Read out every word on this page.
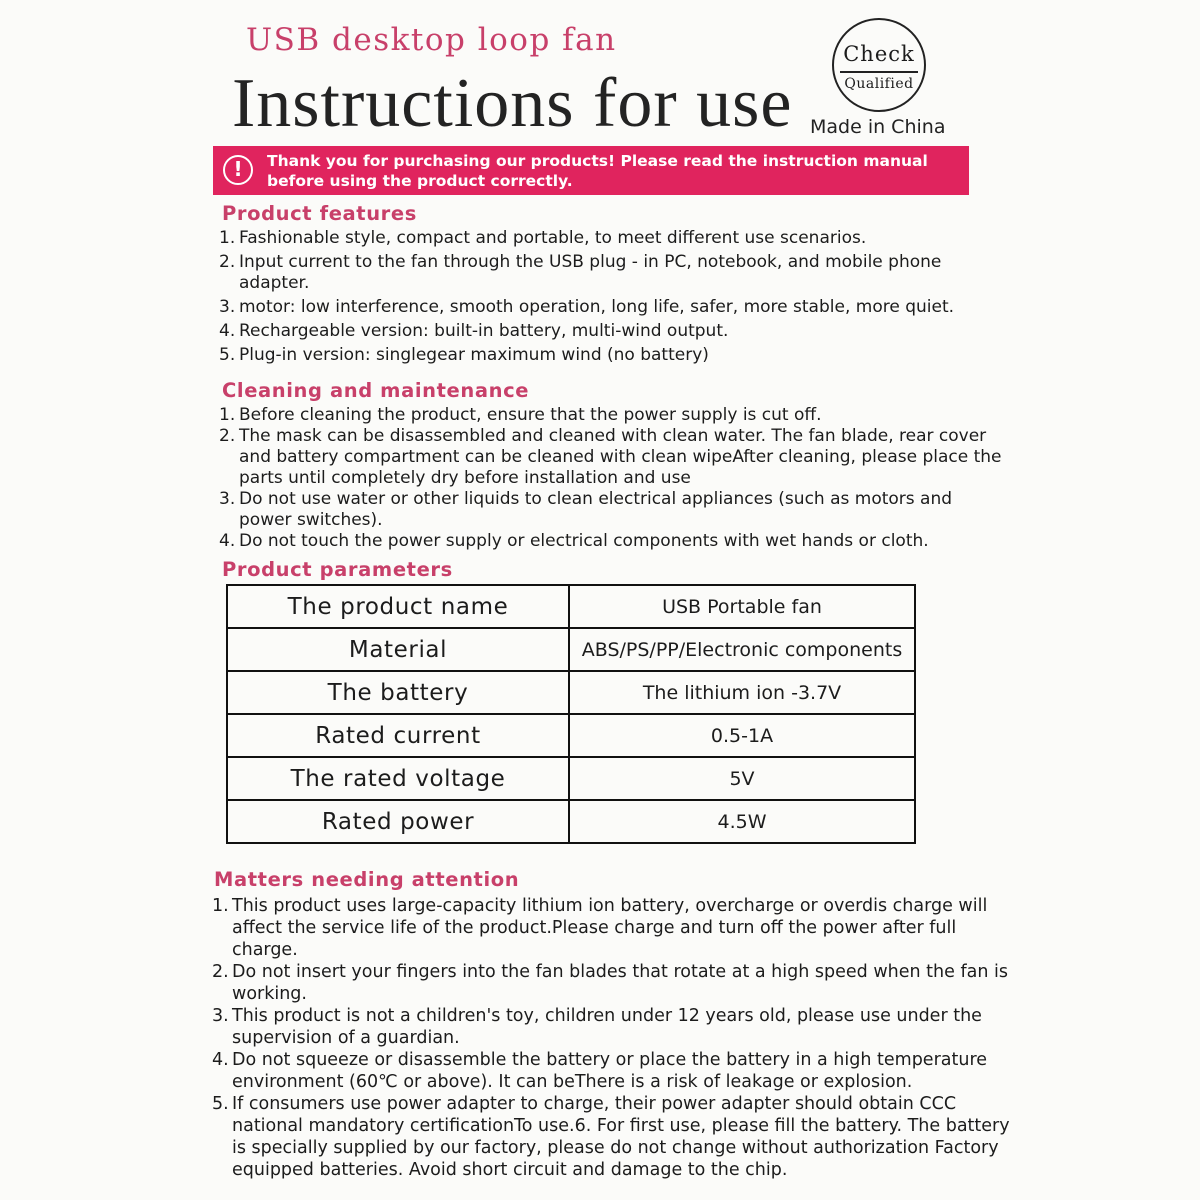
USB desktop loop fan
Instructions for use
Check
Qualified
Made in China
!	Thank you for purchasing our products! Please read the instruction manual before using the product correctly.
Product features
1. Fashionable style, compact and portable, to meet different use scenarios.
2. Input current to the fan through the USB plug - in PC, notebook, and mobile phone adapter.
3. motor: low interference, smooth operation, long life, safer, more stable, more quiet.
4. Rechargeable version: built-in battery, multi-wind output.
5. Plug-in version: singlegear maximum wind (no battery)
Cleaning and maintenance
1. Before cleaning the product, ensure that the power supply is cut off.
2. The mask can be disassembled and cleaned with clean water. The fan blade, rear cover and battery compartment can be cleaned with clean wipeAfter cleaning, please place the parts until completely dry before installation and use
3. Do not use water or other liquids to clean electrical appliances (such as motors and power switches).
4. Do not touch the power supply or electrical components with wet hands or cloth.
Product parameters
The product name	USB Portable fan
Material	ABS/PS/PP/Electronic components
The battery	The lithium ion -3.7V
Rated current	0.5-1A
The rated voltage	5V
Rated power	4.5W
Matters needing attention
1. This product uses large-capacity lithium ion battery, overcharge or overdis charge will affect the service life of the product.Please charge and turn off the power after full charge.
2. Do not insert your fingers into the fan blades that rotate at a high speed when the fan is working.
3. This product is not a children's toy, children under 12 years old, please use under the supervision of a guardian.
4. Do not squeeze or disassemble the battery or place the battery in a high temperature environment (60℃ or above). It can beThere is a risk of leakage or explosion.
5. If consumers use power adapter to charge, their power adapter should obtain CCC national mandatory certificationTo use.6. For first use, please fill the battery. The battery is specially supplied by our factory, please do not change without authorization Factory equipped batteries. Avoid short circuit and damage to the chip.
